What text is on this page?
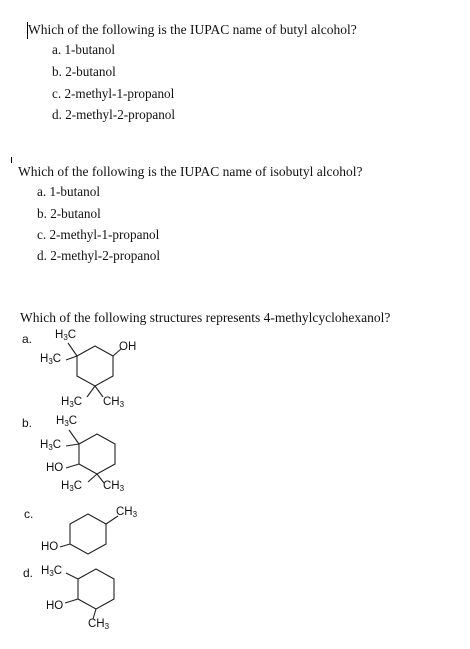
Which of the following is the IUPAC name of butyl alcohol?
a. 1-butanol
b. 2-butanol
c. 2-methyl-1-propanol
d. 2-methyl-2-propanol
Which of the following is the IUPAC name of isobutyl alcohol?
a. 1-butanol
b. 2-butanol
c. 2-methyl-1-propanol
d. 2-methyl-2-propanol
Which of the following structures represents 4-methylcyclohexanol?
a. $H_3C$
$H_3C$
OH
$H_3C$ $CH_3$
b. $H_3C$
$H_3C$
HO
$H_3C$ $CH_3$
c.	$CH_3$
HO
d. $H_3C$
HO
$CH_3$
